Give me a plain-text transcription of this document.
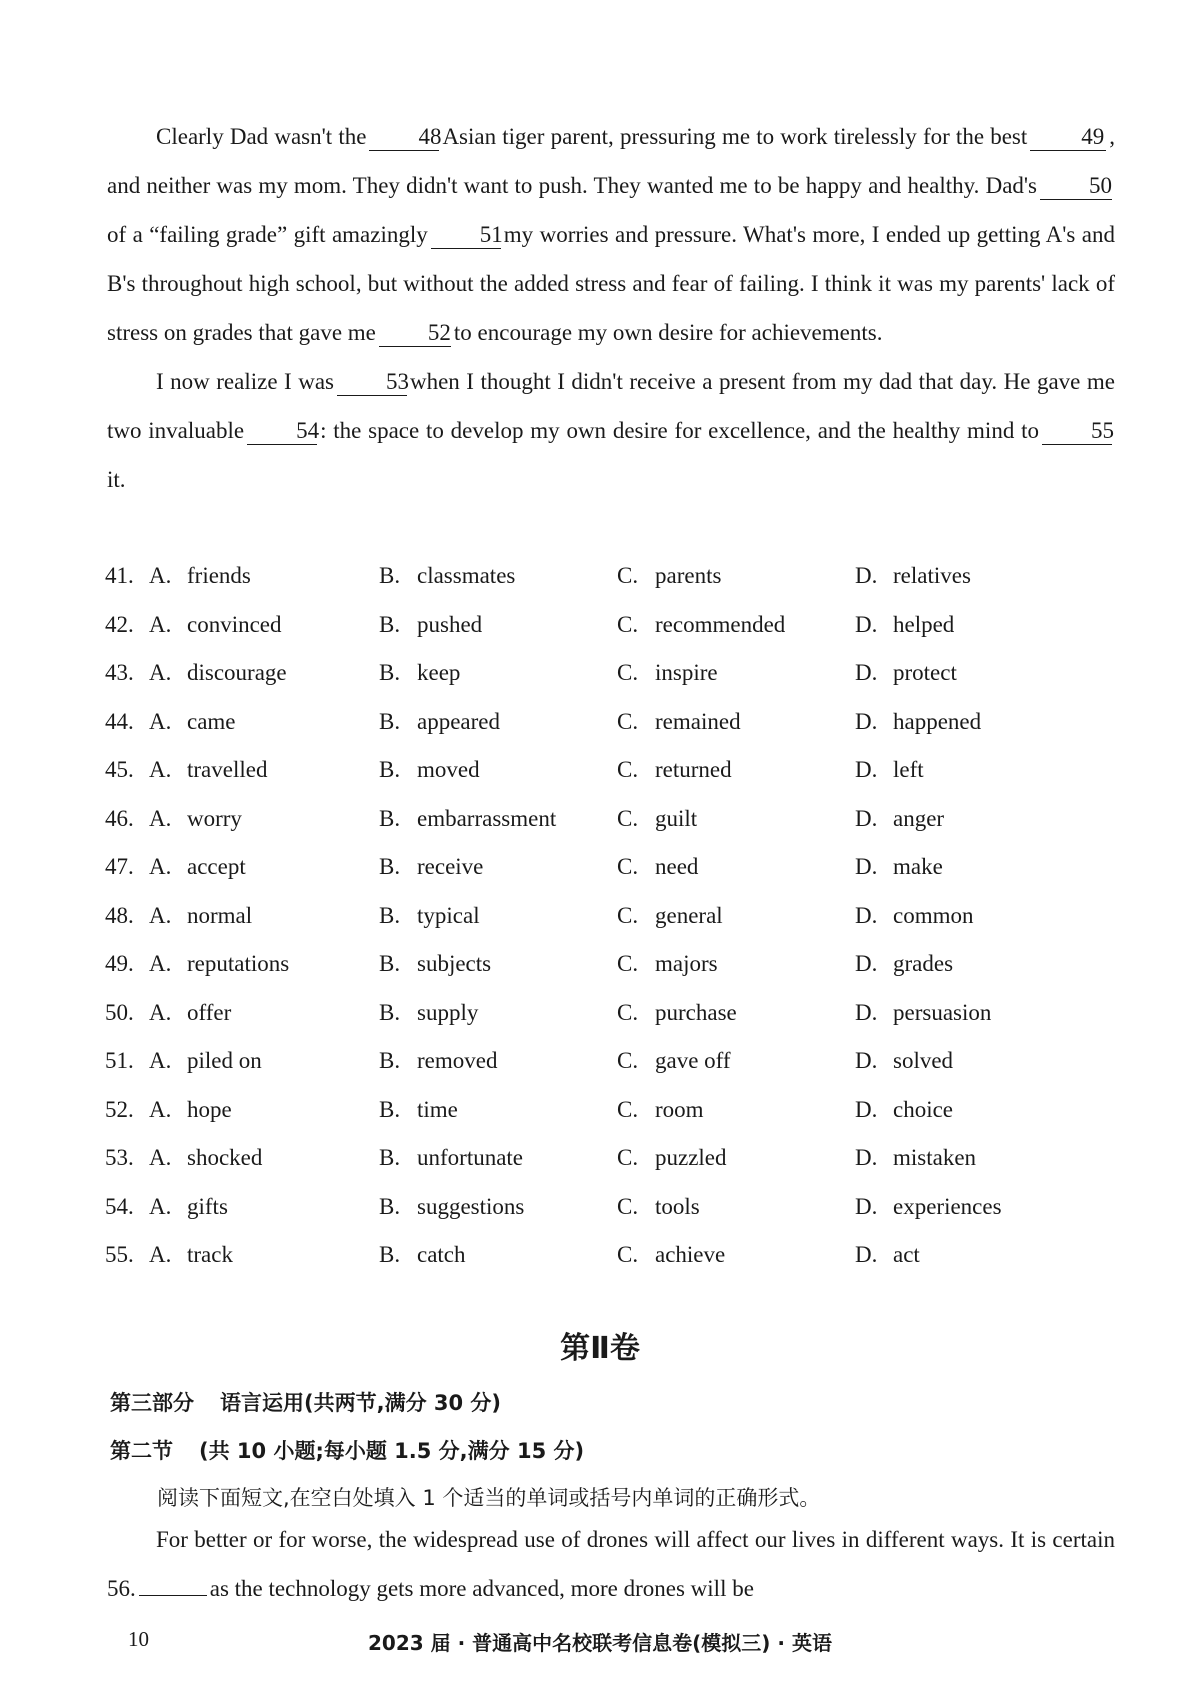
Clearly Dad wasn't the 48Asian tiger parent, pressuring me to work tirelessly for the best 49 , and neither was my mom. They didn't want to push. They wanted me to be happy and healthy. Dad's 50of a “failing grade” gift amazingly 51my worries and pressure. What's more, I ended up getting A's and B's throughout high school, but without the added stress and fear of failing. I think it was my parents' lack of stress on grades that gave me 52 to encourage my own desire for achievements.

I now realize I was 53when I thought I didn't receive a present from my dad that day. He gave me two invaluable 54: the space to develop my own desire for excellence, and the healthy mind to 55it.

41. A. friends	B. classmates	C. parents	D. relatives
42. A. convinced	B. pushed	C. recommended	D. helped
43. A. discourage	B. keep	C. inspire	D. protect
44. A. came	B. appeared	C. remained	D. happened
45. A. travelled	B. moved	C. returned	D. left
46. A. worry	B. embarrassment	C. guilt	D. anger
47. A. accept	B. receive	C. need	D. make
48. A. normal	B. typical	C. general	D. common
49. A. reputations	B. subjects	C. majors	D. grades
50. A. offer	B. supply	C. purchase	D. persuasion
51. A. piled on	B. removed	C. gave off	D. solved
52. A. hope	B. time	C. room	D. choice
53. A. shocked	B. unfortunate	C. puzzled	D. mistaken
54. A. gifts	B. suggestions	C. tools	D. experiences
55. A. track	B. catch	C. achieve	D. act
第Ⅱ卷
第三部分 语言运用(共两节,满分 30 分)
第二节 (共 10 小题;每小题 1.5 分,满分 15 分)
阅读下面短文,在空白处填入 1 个适当的单词或括号内单词的正确形式。

For better or for worse, the widespread use of drones will affect our lives in different ways. It is certain 56.	as the technology gets more advanced, more drones will be

10	2023 届 · 普通高中名校联考信息卷(模拟三) · 英语
